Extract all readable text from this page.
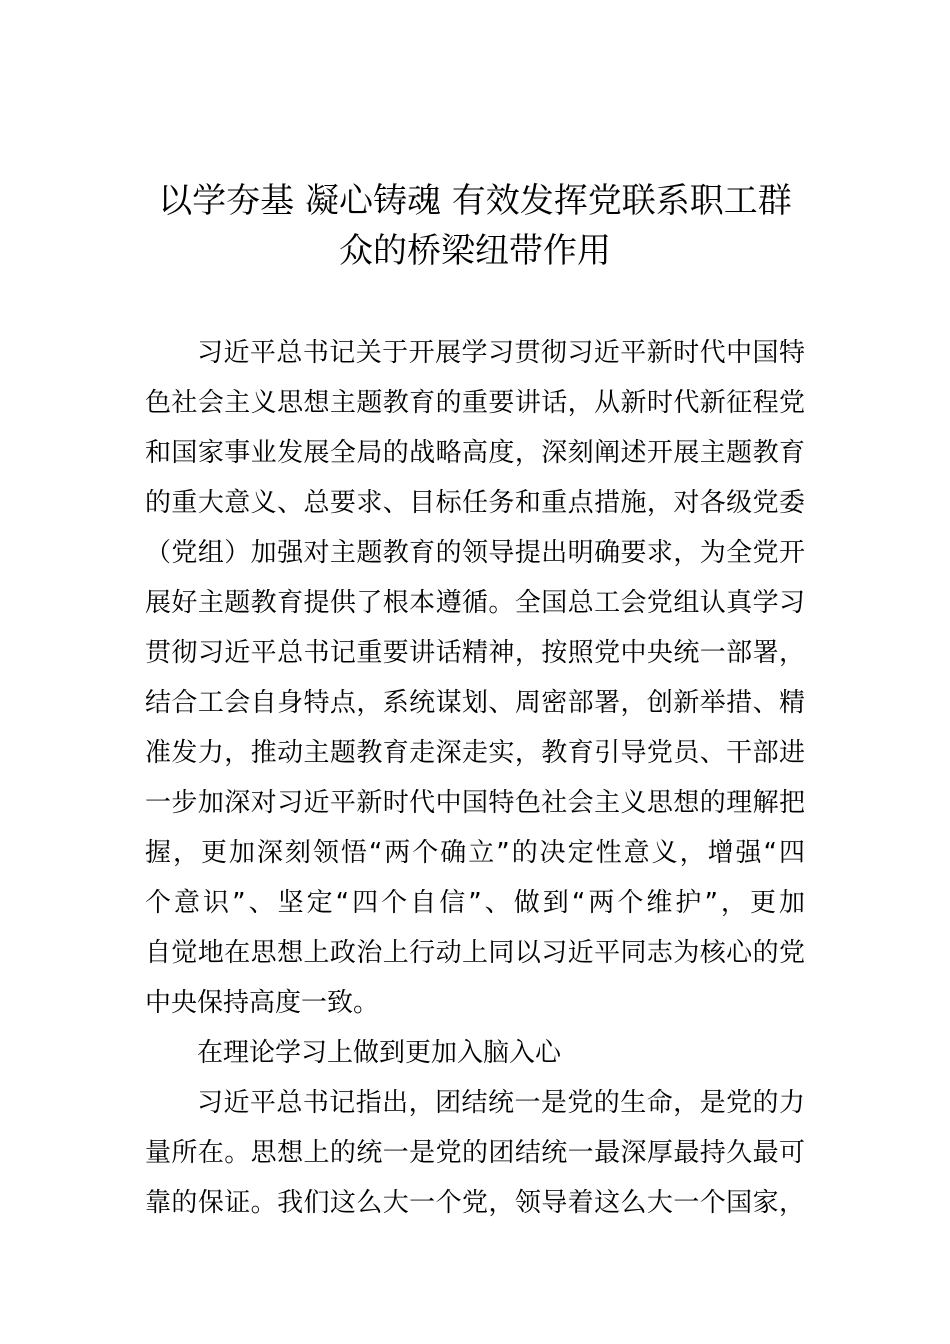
以学夯基 凝心铸魂 有效发挥党联系职工群
众的桥梁纽带作用
习近平总书记关于开展学习贯彻习近平新时代中国特
色社会主义思想主题教育的重要讲话，从新时代新征程党
和国家事业发展全局的战略高度，深刻阐述开展主题教育
的重大意义、总要求、目标任务和重点措施，对各级党委
（党组）加强对主题教育的领导提出明确要求，为全党开
展好主题教育提供了根本遵循。全国总工会党组认真学习
贯彻习近平总书记重要讲话精神，按照党中央统一部署，
结合工会自身特点，系统谋划、周密部署，创新举措、精
准发力，推动主题教育走深走实，教育引导党员、干部进
一步加深对习近平新时代中国特色社会主义思想的理解把
握，更加深刻领悟“两个确立”的决定性意义，增强“四
个意识”、坚定“四个自信”、做到“两个维护”，更加
自觉地在思想上政治上行动上同以习近平同志为核心的党
中央保持高度一致。
在理论学习上做到更加入脑入心
习近平总书记指出，团结统一是党的生命，是党的力
量所在。思想上的统一是党的团结统一最深厚最持久最可
靠的保证。我们这么大一个党，领导着这么大一个国家，
